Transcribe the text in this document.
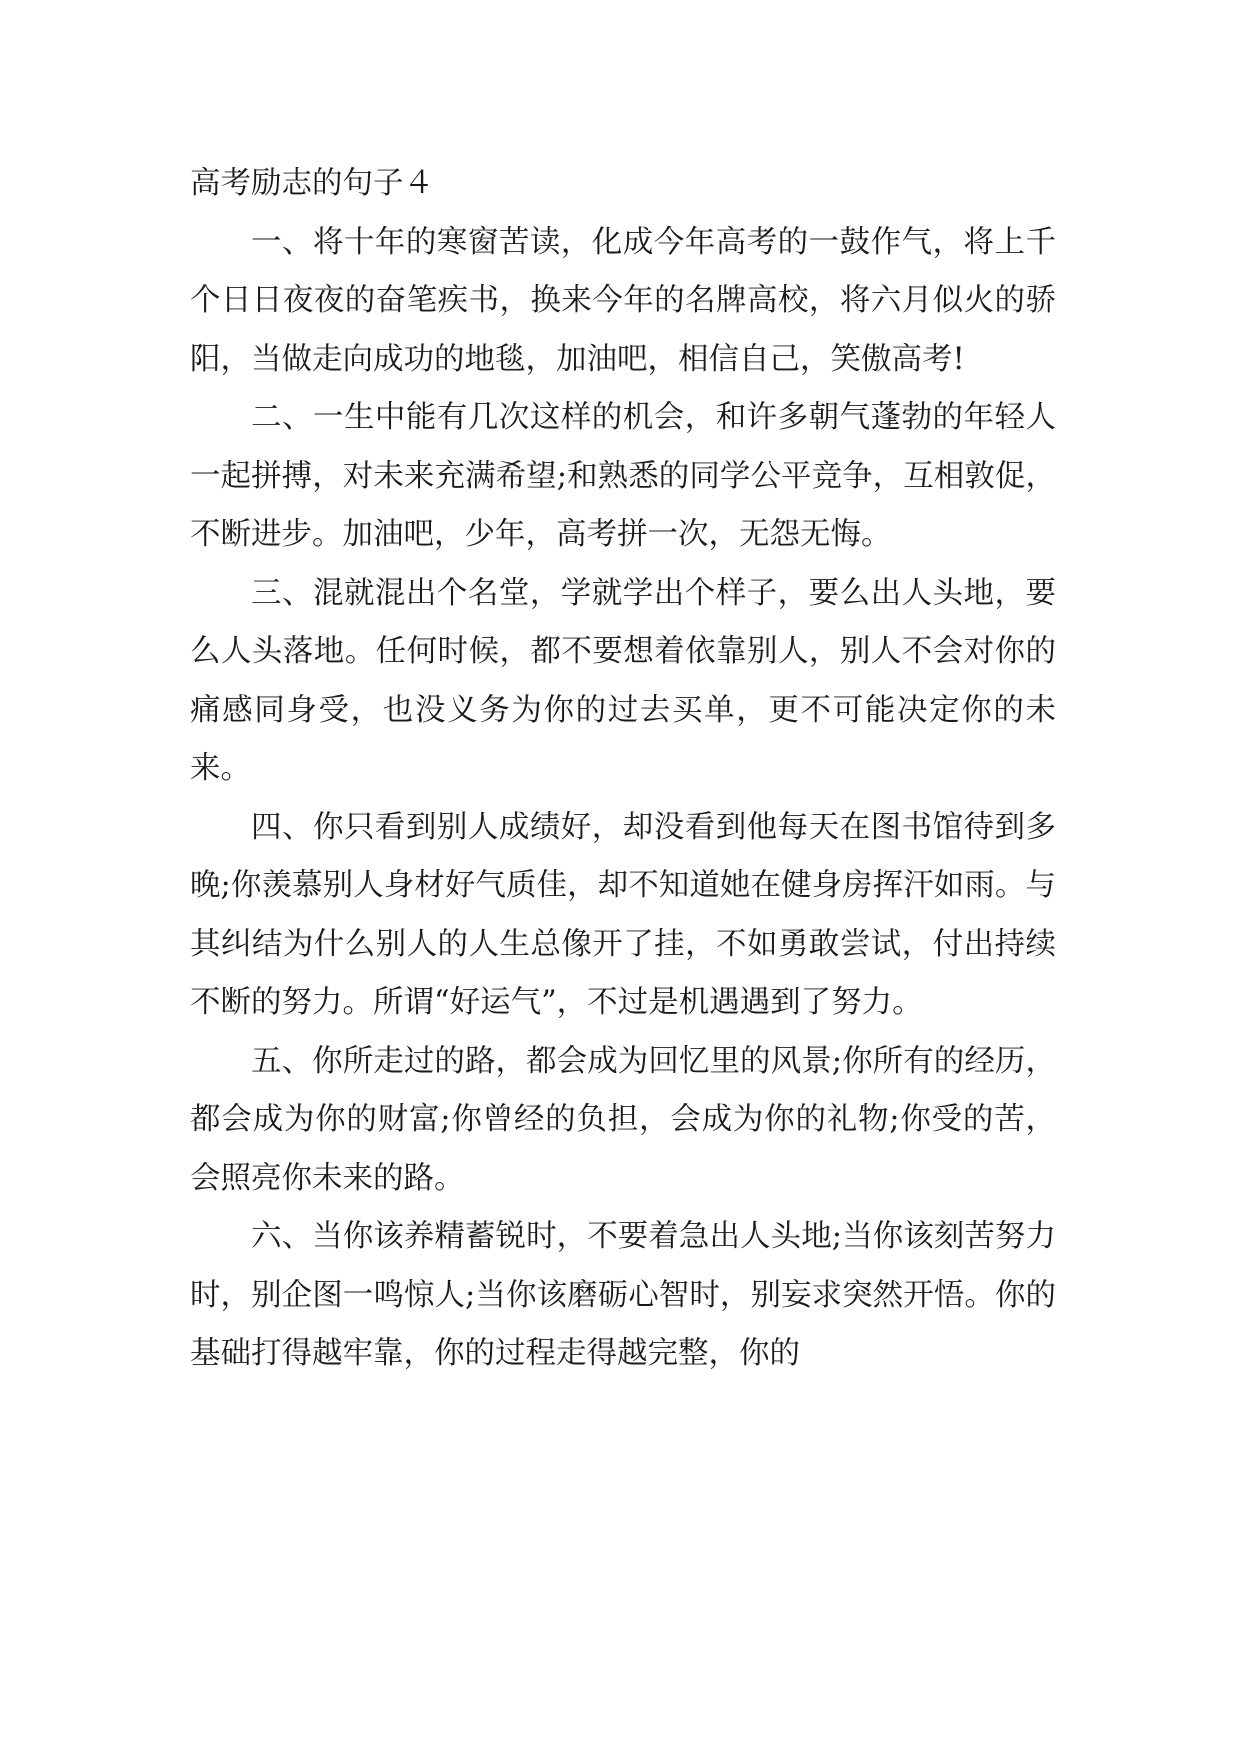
高考励志的句子４

一、将十年的寒窗苦读，化成今年高考的一鼓作气，将上千个日日夜夜的奋笔疾书，换来今年的名牌高校，将六月似火的骄阳，当做走向成功的地毯，加油吧，相信自己，笑傲高考!

二、一生中能有几次这样的机会，和许多朝气蓬勃的年轻人一起拼搏，对未来充满希望;和熟悉的同学公平竞争，互相敦促，不断进步。加油吧，少年，高考拼一次，无怨无悔。

三、混就混出个名堂，学就学出个样子，要么出人头地，要么人头落地。任何时候，都不要想着依靠别人，别人不会对你的痛感同身受，也没义务为你的过去买单，更不可能决定你的未来。

四、你只看到别人成绩好，却没看到他每天在图书馆待到多晚;你羡慕别人身材好气质佳，却不知道她在健身房挥汗如雨。与其纠结为什么别人的人生总像开了挂，不如勇敢尝试，付出持续不断的努力。所谓“好运气”，不过是机遇遇到了努力。

五、你所走过的路，都会成为回忆里的风景;你所有的经历，都会成为你的财富;你曾经的负担，会成为你的礼物;你受的苦，会照亮你未来的路。

六、当你该养精蓄锐时，不要着急出人头地;当你该刻苦努力时，别企图一鸣惊人;当你该磨砺心智时，别妄求突然开悟。你的基础打得越牢靠，你的过程走得越完整，你的
